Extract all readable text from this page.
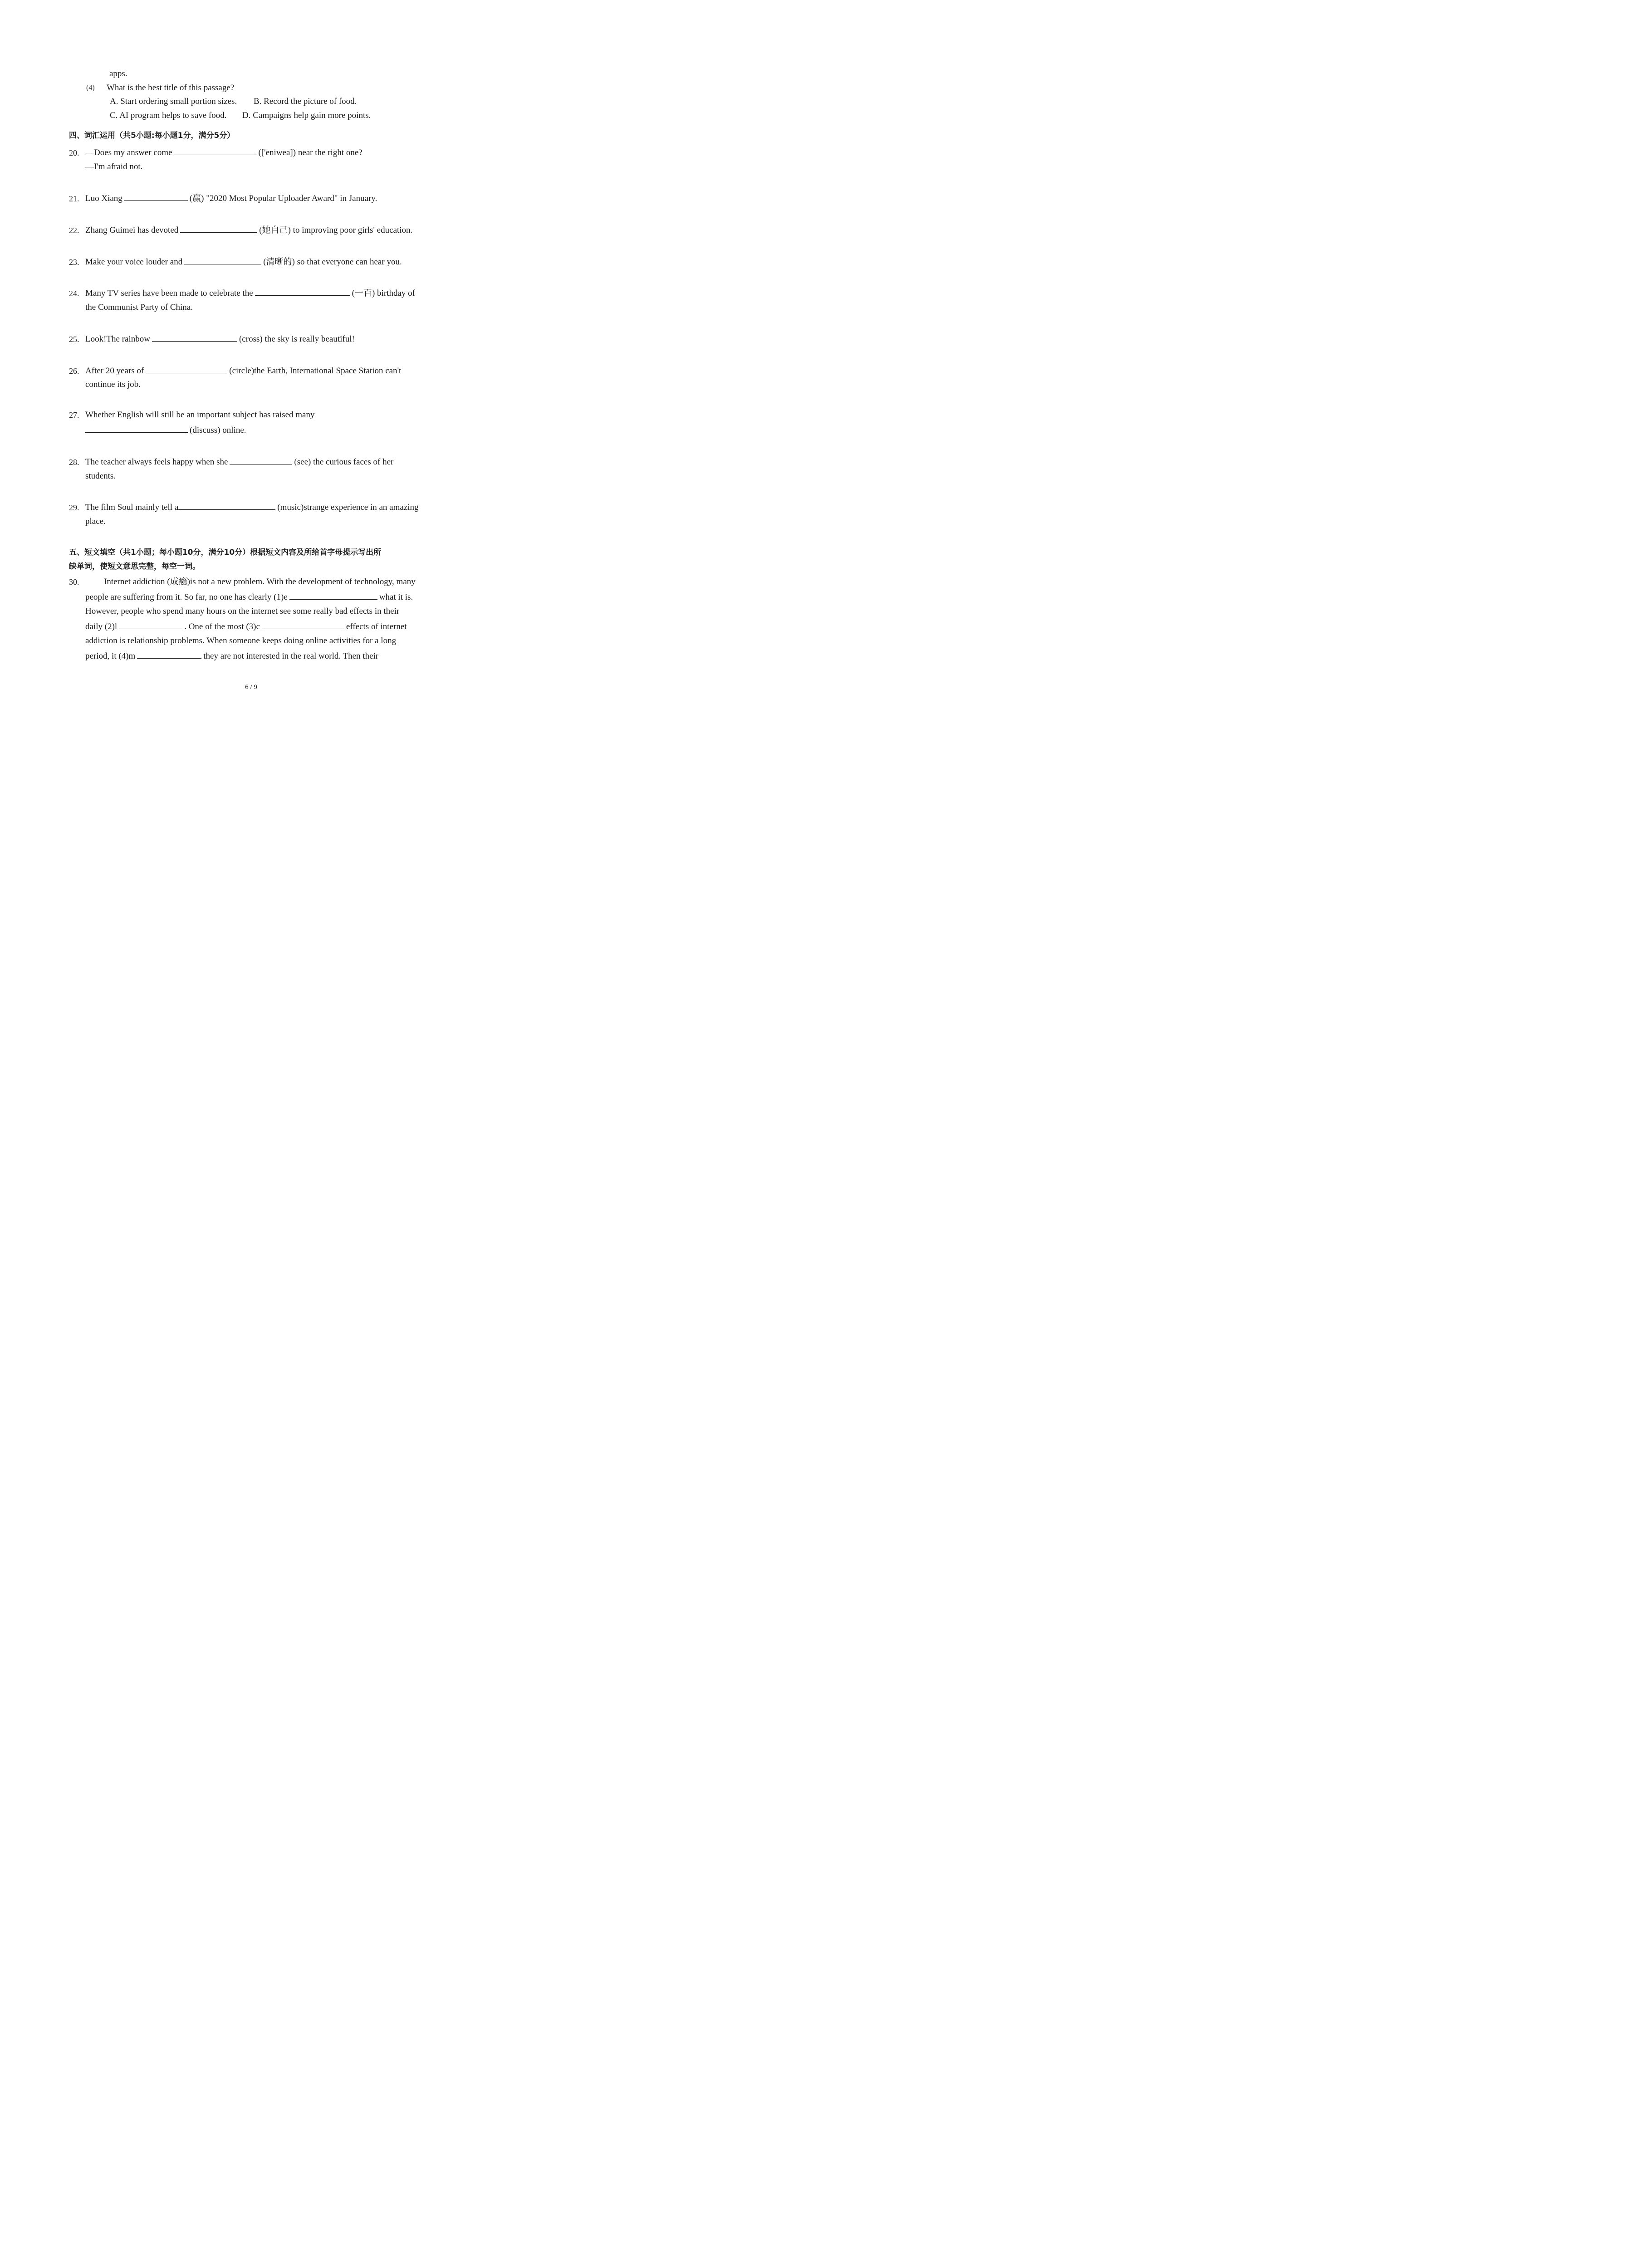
apps.
(4) What is the best title of this passage?
A. Start ordering small portion sizes. B. Record the picture of food.
C. AI program helps to save food. D. Campaigns help gain more points.
四、词汇运用（共5小题:每小题1分，满分5分）
20. —Does my answer come	(['eniwea]) near the right one?
—I'm afraid not.
21. Luo Xiang	(赢) "2020 Most Popular Uploader Award" in January.
22. Zhang Guimei has devoted	(她自己) to improving poor girls' education.
23. Make your voice louder and	(清晰的) so that everyone can hear you.
24. Many TV series have been made to celebrate the	(一百) birthday of
the Communist Party of China.
25. Look!The rainbow	(cross) the sky is really beautiful!
26. After 20 years of	(circle)the Earth, International Space Station can't
continue its job.
27. Whether English will still be an important subject has raised many
(discuss) online.
28. The teacher always feels happy when she	(see) the curious faces of her
students.
29. The film Soul mainly tell a	(music)strange experience in an amazing
place.
五、短文填空（共1小题；每小题10分，满分10分）根据短文内容及所给首字母提示写出所
缺单词，使短文意思完整，每空一词。
30.	Internet addiction (成瘾)is not a new problem. With the development of technology, many
people are suffering from it. So far, no one has clearly (1)e	what it is.
However, people who spend many hours on the internet see some really bad effects in their
daily (2)l	. One of the most (3)c	effects of internet
addiction is relationship problems. When someone keeps doing online activities for a long
period, it (4)m	they are not interested in the real world. Then their
6 / 9
